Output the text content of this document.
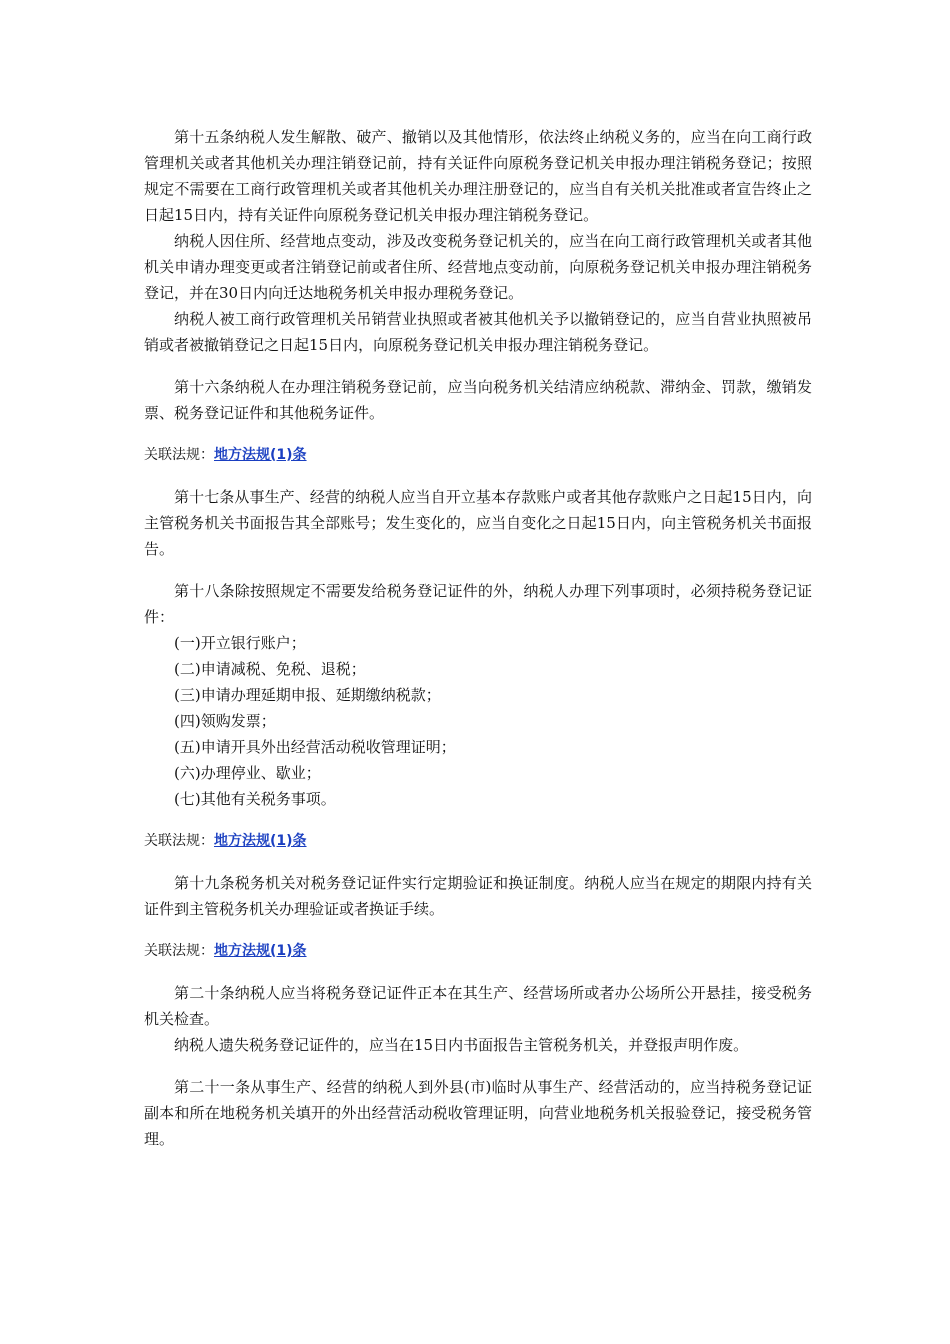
第十五条纳税人发生解散、破产、撤销以及其他情形，依法终止纳税义务的，应当在向工商行政管理机关或者其他机关办理注销登记前，持有关证件向原税务登记机关申报办理注销税务登记；按照规定不需要在工商行政管理机关或者其他机关办理注册登记的，应当自有关机关批准或者宣告终止之日起15日内，持有关证件向原税务登记机关申报办理注销税务登记。

纳税人因住所、经营地点变动，涉及改变税务登记机关的，应当在向工商行政管理机关或者其他机关申请办理变更或者注销登记前或者住所、经营地点变动前，向原税务登记机关申报办理注销税务登记，并在30日内向迁达地税务机关申报办理税务登记。

纳税人被工商行政管理机关吊销营业执照或者被其他机关予以撤销登记的，应当自营业执照被吊销或者被撤销登记之日起15日内，向原税务登记机关申报办理注销税务登记。

第十六条纳税人在办理注销税务登记前，应当向税务机关结清应纳税款、滞纳金、罚款，缴销发票、税务登记证件和其他税务证件。

关联法规：地方法规(1)条

第十七条从事生产、经营的纳税人应当自开立基本存款账户或者其他存款账户之日起15日内，向主管税务机关书面报告其全部账号；发生变化的，应当自变化之日起15日内，向主管税务机关书面报告。

第十八条除按照规定不需要发给税务登记证件的外，纳税人办理下列事项时，必须持税务登记证件：

(一)开立银行账户；

(二)申请减税、免税、退税；

(三)申请办理延期申报、延期缴纳税款；

(四)领购发票；

(五)申请开具外出经营活动税收管理证明；

(六)办理停业、歇业；

(七)其他有关税务事项。

关联法规：地方法规(1)条

第十九条税务机关对税务登记证件实行定期验证和换证制度。纳税人应当在规定的期限内持有关证件到主管税务机关办理验证或者换证手续。

关联法规：地方法规(1)条

第二十条纳税人应当将税务登记证件正本在其生产、经营场所或者办公场所公开悬挂，接受税务机关检查。

纳税人遗失税务登记证件的，应当在15日内书面报告主管税务机关，并登报声明作废。

第二十一条从事生产、经营的纳税人到外县(市)临时从事生产、经营活动的，应当持税务登记证副本和所在地税务机关填开的外出经营活动税收管理证明，向营业地税务机关报验登记，接受税务管理。
